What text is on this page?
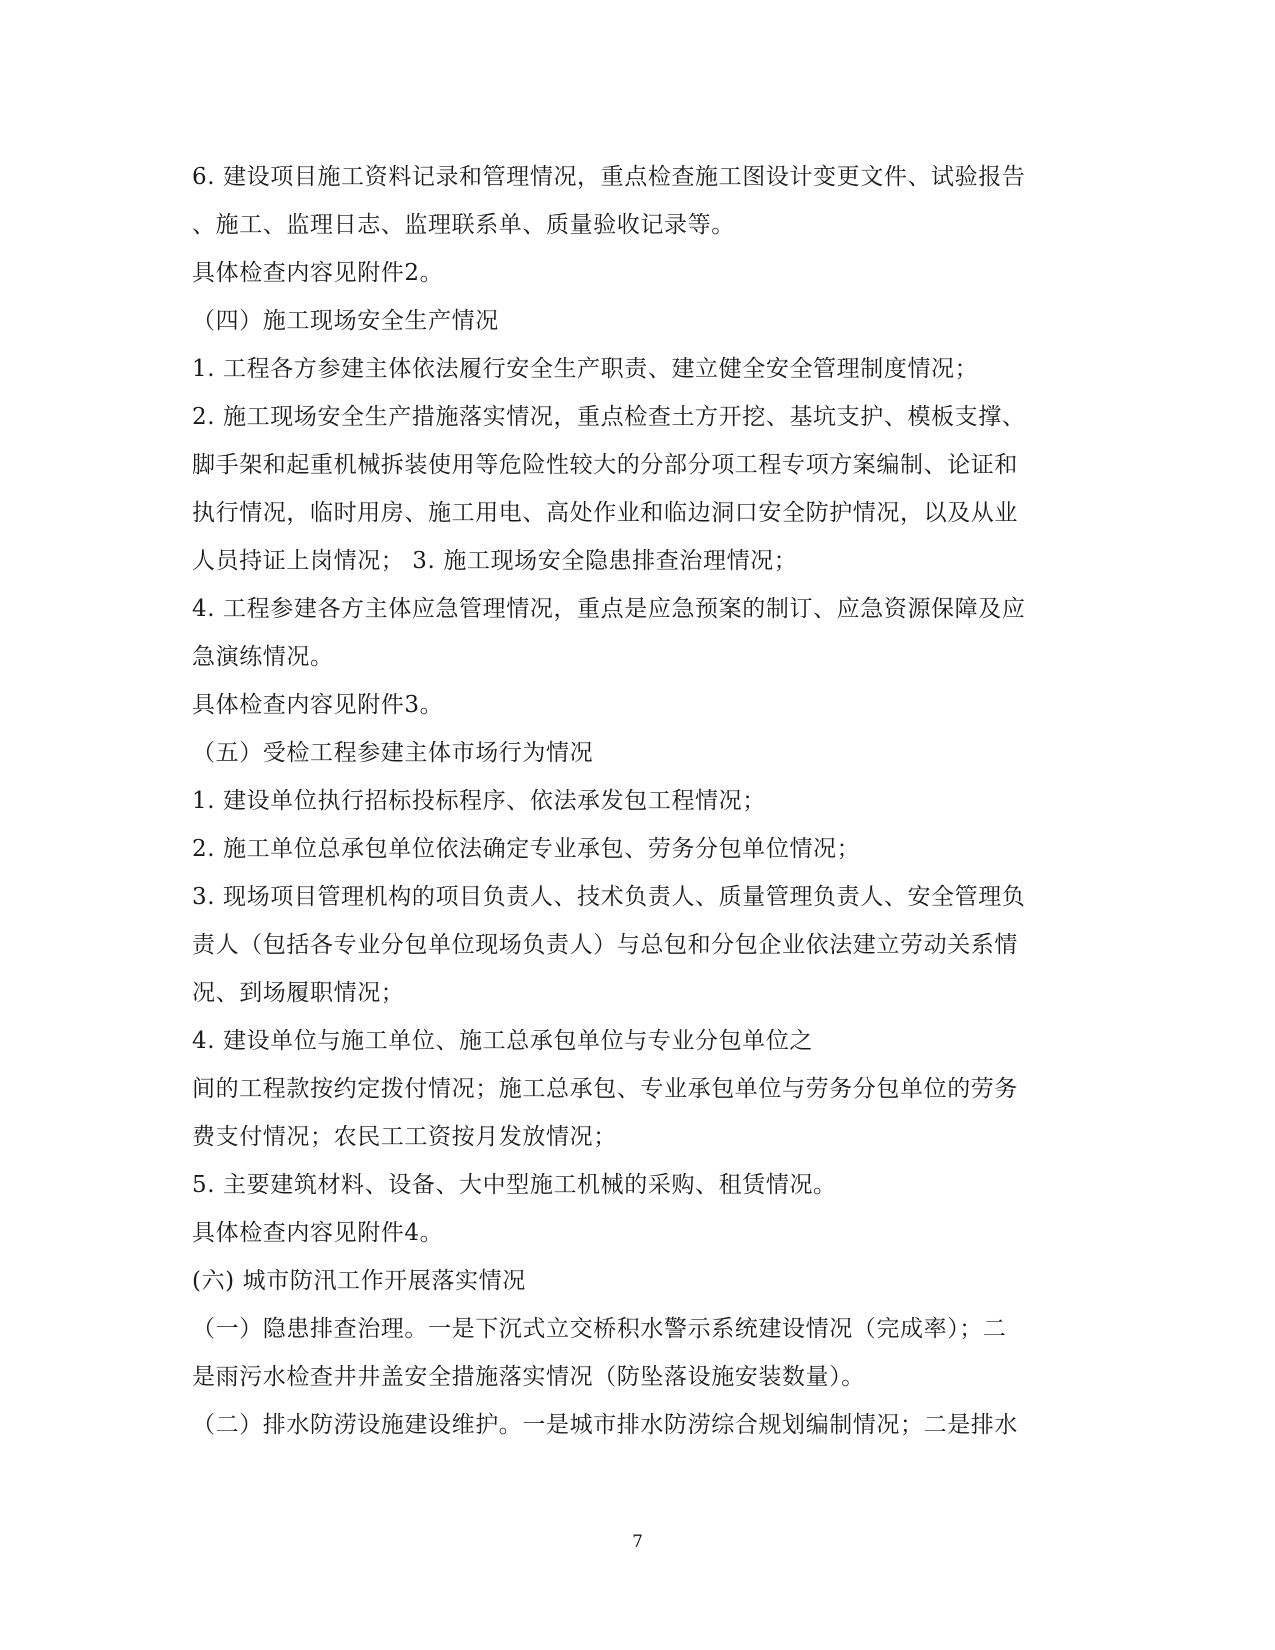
6. 建设项目施工资料记录和管理情况，重点检查施工图设计变更文件、试验报告
、施工、监理日志、监理联系单、质量验收记录等。
具体检查内容见附件2。
（四）施工现场安全生产情况
1. 工程各方参建主体依法履行安全生产职责、建立健全安全管理制度情况；
2. 施工现场安全生产措施落实情况，重点检查土方开挖、基坑支护、模板支撑、
脚手架和起重机械拆装使用等危险性较大的分部分项工程专项方案编制、论证和
执行情况，临时用房、施工用电、高处作业和临边洞口安全防护情况，以及从业
人员持证上岗情况； 3. 施工现场安全隐患排查治理情况；
4. 工程参建各方主体应急管理情况，重点是应急预案的制订、应急资源保障及应
急演练情况。
具体检查内容见附件3。
（五）受检工程参建主体市场行为情况
1. 建设单位执行招标投标程序、依法承发包工程情况；
2. 施工单位总承包单位依法确定专业承包、劳务分包单位情况；
3. 现场项目管理机构的项目负责人、技术负责人、质量管理负责人、安全管理负
责人（包括各专业分包单位现场负责人）与总包和分包企业依法建立劳动关系情
况、到场履职情况；
4. 建设单位与施工单位、施工总承包单位与专业分包单位之
间的工程款按约定拨付情况；施工总承包、专业承包单位与劳务分包单位的劳务
费支付情况；农民工工资按月发放情况；
5. 主要建筑材料、设备、大中型施工机械的采购、租赁情况。
具体检查内容见附件4。
(六) 城市防汛工作开展落实情况
（一）隐患排查治理。一是下沉式立交桥积水警示系统建设情况（完成率）；二
是雨污水检查井井盖安全措施落实情况（防坠落设施安装数量）。
（二）排水防涝设施建设维护。一是城市排水防涝综合规划编制情况；二是排水
7
